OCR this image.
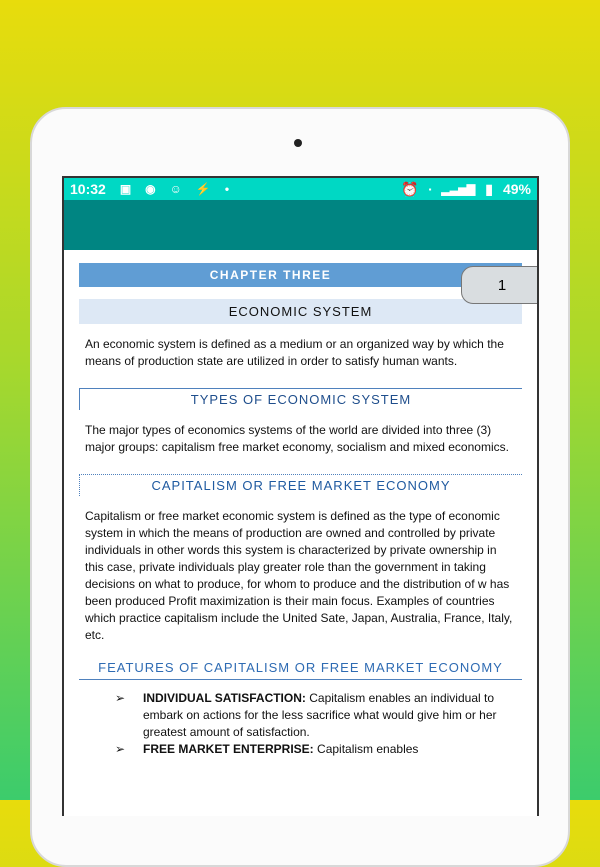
10:32 ▣ ◉ ☺ ⚡ •	⏰ ▪ ▂▃▅▇ ▮ 49%
CHAPTER THREE
1
ECONOMIC SYSTEM

An economic system is defined as a medium or an organized way by which the means of production state are utilized in order to satisfy human wants.

TYPES OF ECONOMIC SYSTEM

The major types of economics systems of the world are divided into three (3) major groups: capitalism free market economy, socialism and mixed economics.

CAPITALISM OR FREE MARKET ECONOMY

Capitalism or free market economic system is defined as the type of economic system in which the means of production are owned and controlled by private individuals in other words this system is characterized by private ownership in this case, private individuals play greater role than the government in taking decisions on what to produce, for whom to produce and the distribution of w has been produced Profit maximization is their main focus. Examples of countries which practice capitalism include the United Sate, Japan, Australia, France, Italy, etc.

FEATURES OF CAPITALISM OR FREE MARKET ECONOMY
➢	INDIVIDUAL SATISFACTION: Capitalism enables an individual to embark on actions for the less sacrifice what would give him or her greatest amount of satisfaction.
➢	FREE MARKET ENTERPRISE: Capitalism enables
